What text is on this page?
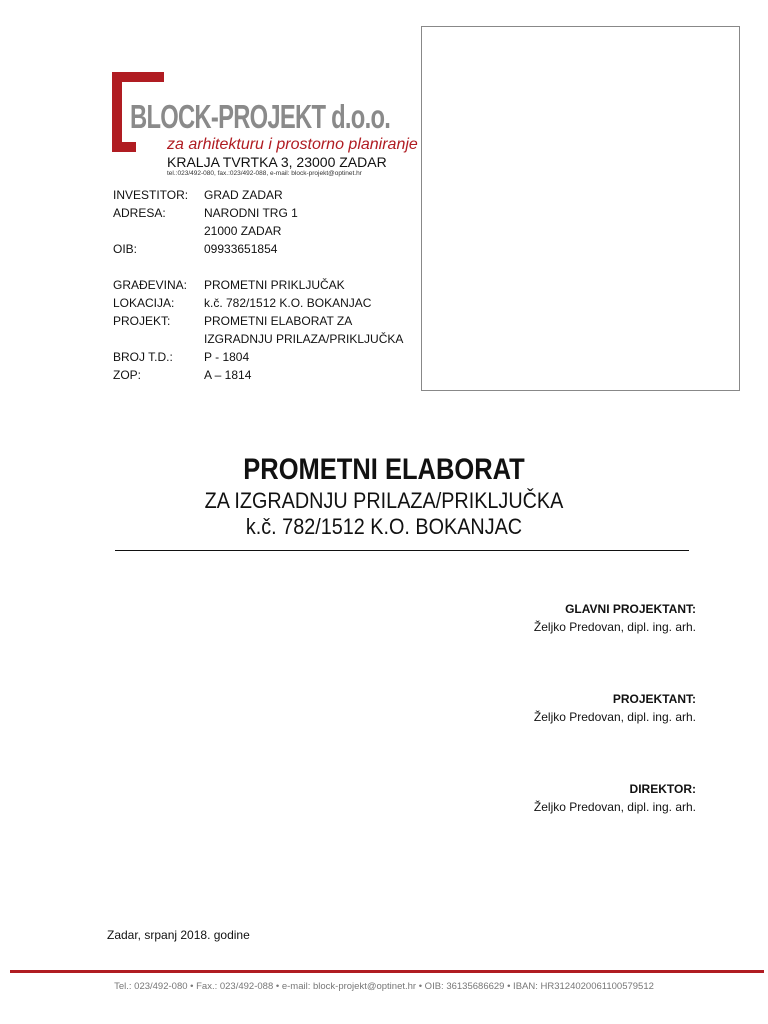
BLOCK-PROJEKT d.o.o.
za arhitekturu i prostorno planiranje
KRALJA TVRTKA 3, 23000 ZADAR
tel.:023/492-080, fax.:023/492-088, e-mail: block-projekt@optinet.hr
INVESTITOR:	GRAD ZADAR
ADRESA:	NARODNI TRG 1
21000 ZADAR
OIB:	09933651854
GRAĐEVINA:	PROMETNI PRIKLJUČAK
LOKACIJA:	k.č. 782/1512 K.O. BOKANJAC
PROJEKT:	PROMETNI ELABORAT ZA
IZGRADNJU PRILAZA/PRIKLJUČKA
BROJ T.D.:	P - 1804
ZOP:	A – 1814
PROMETNI ELABORAT
ZA IZGRADNJU PRILAZA/PRIKLJUČKA
k.č. 782/1512 K.O. BOKANJAC
GLAVNI PROJEKTANT:
Željko Predovan, dipl. ing. arh.
PROJEKTANT:
Željko Predovan, dipl. ing. arh.
DIREKTOR:
Željko Predovan, dipl. ing. arh.
Zadar, srpanj 2018. godine
Tel.: 023/492-080 • Fax.: 023/492-088 • e-mail: block-projekt@optinet.hr • OIB: 36135686629 • IBAN: HR3124020061100579512
